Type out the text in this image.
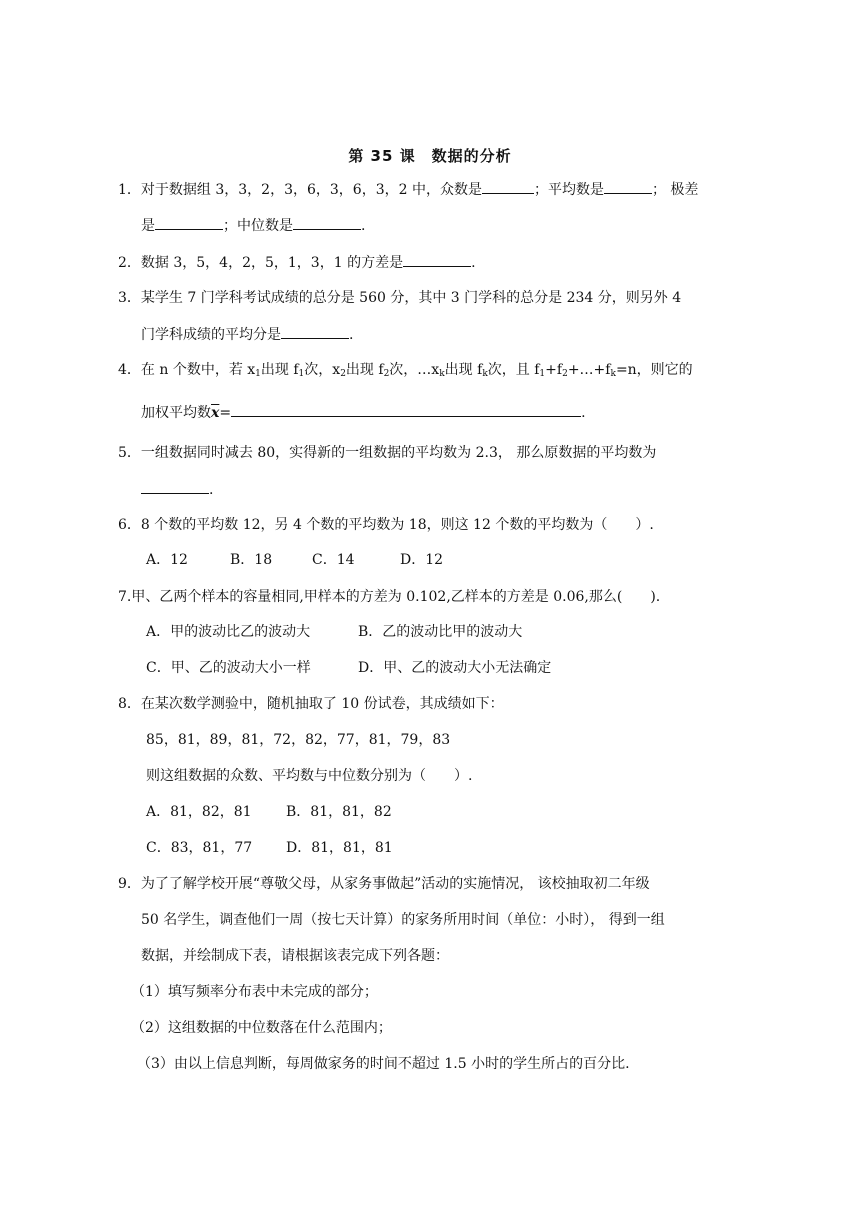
第 35 课　数据的分析
1．对于数据组 3，3，2，3，6，3，6，3，2 中，众数是	；平均数是	； 极差
是	；中位数是	.
2．数据 3，5，4，2，5，1，3，1 的方差是	.
3．某学生 7 门学科考试成绩的总分是 560 分，其中 3 门学科的总分是 234 分，则另外 4
门学科成绩的平均分是	.
4．在 n 个数中，若 $x_1$出现 $f_1$次，$x_2$出现 $f_2$次，$\dots x_k$出现 $f_k$次，且 $f_1+f_2+\dots+f_k=n$，则它的
加权平均数$\overline{x}=$	.
5．一组数据同时减去 80，实得新的一组数据的平均数为 2.3， 那么原数据的平均数为
.
6．8 个数的平均数 12，另 4 个数的平均数为 18，则这 12 个数的平均数为（　　）.
A．12	B．18	C．14	D．12
7.甲、乙两个样本的容量相同,甲样本的方差为 0.102,乙样本的方差是 0.06,那么(　　).
A．甲的波动比乙的波动大	B．乙的波动比甲的波动大
C．甲、乙的波动大小一样	D．甲、乙的波动大小无法确定
8．在某次数学测验中，随机抽取了 10 份试卷，其成绩如下：
85，81，89，81，72，82，77，81，79，83
则这组数据的众数、平均数与中位数分别为（　　）.
A．81，82，81 B．81，81，82
C．83，81，77 D．81，81，81
9．为了了解学校开展“尊敬父母，从家务事做起”活动的实施情况， 该校抽取初二年级
50 名学生，调查他们一周（按七天计算）的家务所用时间（单位：小时）， 得到一组
数据，并绘制成下表，请根据该表完成下列各题：
（1）填写频率分布表中未完成的部分；
（2）这组数据的中位数落在什么范围内；
（3）由以上信息判断，每周做家务的时间不超过 1.5 小时的学生所占的百分比.
